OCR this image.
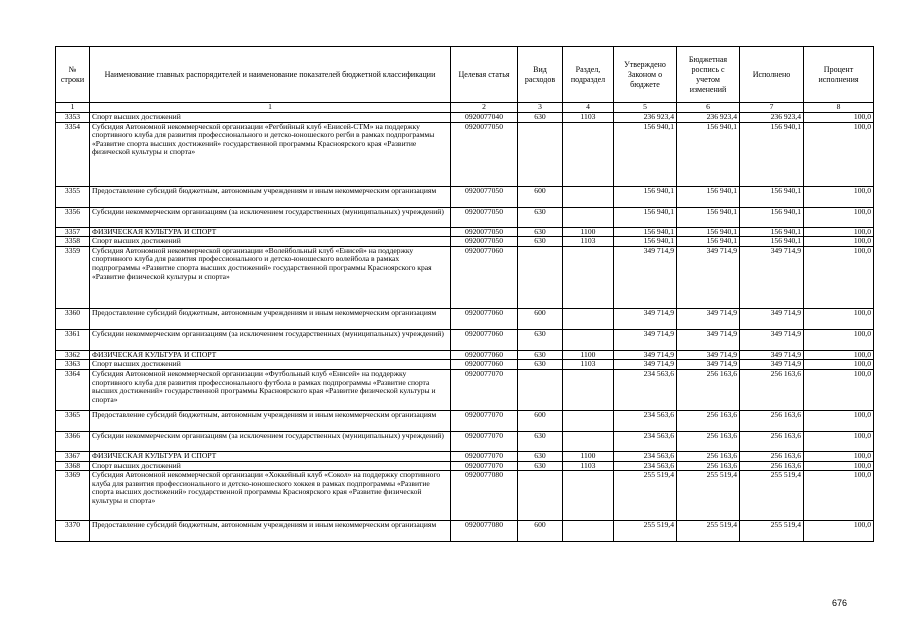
№ строки	Наименование главных распорядителей и наименование показателей бюджетной классификации	Целевая статья	Вид расходов	Раздел, подраздел	Утверждено Законом о бюджете	Бюджетная роспись с учетом изменений	Исполнено	Процент исполнения
1	1	2	3	4	5	6	7	8
3353	Спорт высших достижений	0920077040	630	1103	236 923,4	236 923,4	236 923,4	100,0
3354	Субсидия Автономной некоммерческой организации «Регбийный клуб «Енисей-СТМ» на поддержку спортивного клуба для развития профессионального и детско-юношеского регби в рамках подпрограммы «Развитие спорта высших достижений» государственной программы Красноярского края «Развитие физической культуры и спорта»	0920077050			156 940,1	156 940,1	156 940,1	100,0
3355	Предоставление субсидий бюджетным, автономным учреждениям и иным некоммерческим организациям	0920077050	600		156 940,1	156 940,1	156 940,1	100,0
3356	Субсидии некоммерческим организациям (за исключением государственных (муниципальных) учреждений)	0920077050	630		156 940,1	156 940,1	156 940,1	100,0
3357	ФИЗИЧЕСКАЯ КУЛЬТУРА И СПОРТ	0920077050	630	1100	156 940,1	156 940,1	156 940,1	100,0
3358	Спорт высших достижений	0920077050	630	1103	156 940,1	156 940,1	156 940,1	100,0
3359	Субсидия Автономной некоммерческой организации «Волейбольный клуб «Енисей» на поддержку спортивного клуба для развития профессионального и детско-юношеского волейбола в рамках подпрограммы «Развитие спорта высших достижений» государственной программы Красноярского края «Развитие физической культуры и спорта»	0920077060			349 714,9	349 714,9	349 714,9	100,0
3360	Предоставление субсидий бюджетным, автономным учреждениям и иным некоммерческим организациям	0920077060	600		349 714,9	349 714,9	349 714,9	100,0
3361	Субсидии некоммерческим организациям (за исключением государственных (муниципальных) учреждений)	0920077060	630		349 714,9	349 714,9	349 714,9	100,0
3362	ФИЗИЧЕСКАЯ КУЛЬТУРА И СПОРТ	0920077060	630	1100	349 714,9	349 714,9	349 714,9	100,0
3363	Спорт высших достижений	0920077060	630	1103	349 714,9	349 714,9	349 714,9	100,0
3364	Субсидия Автономной некоммерческой организации «Футбольный клуб «Енисей» на поддержку спортивного клуба для развития профессионального футбола в рамках подпрограммы «Развитие спорта высших достижений» государственной программы Красноярского края «Развитие физической культуры и спорта»	0920077070			234 563,6	256 163,6	256 163,6	100,0
3365	Предоставление субсидий бюджетным, автономным учреждениям и иным некоммерческим организациям	0920077070	600		234 563,6	256 163,6	256 163,6	100,0
3366	Субсидии некоммерческим организациям (за исключением государственных (муниципальных) учреждений)	0920077070	630		234 563,6	256 163,6	256 163,6	100,0
3367	ФИЗИЧЕСКАЯ КУЛЬТУРА И СПОРТ	0920077070	630	1100	234 563,6	256 163,6	256 163,6	100,0
3368	Спорт высших достижений	0920077070	630	1103	234 563,6	256 163,6	256 163,6	100,0
3369	Субсидия Автономной некоммерческой организации «Хоккейный клуб «Сокол» на поддержку спортивного клуба для развития профессионального и детско-юношеского хоккея в рамках подпрограммы «Развитие спорта высших достижений» государственной программы Красноярского края «Развитие физической культуры и спорта»	0920077080			255 519,4	255 519,4	255 519,4	100,0
3370	Предоставление субсидий бюджетным, автономным учреждениям и иным некоммерческим организациям	0920077080	600		255 519,4	255 519,4	255 519,4	100,0
676
